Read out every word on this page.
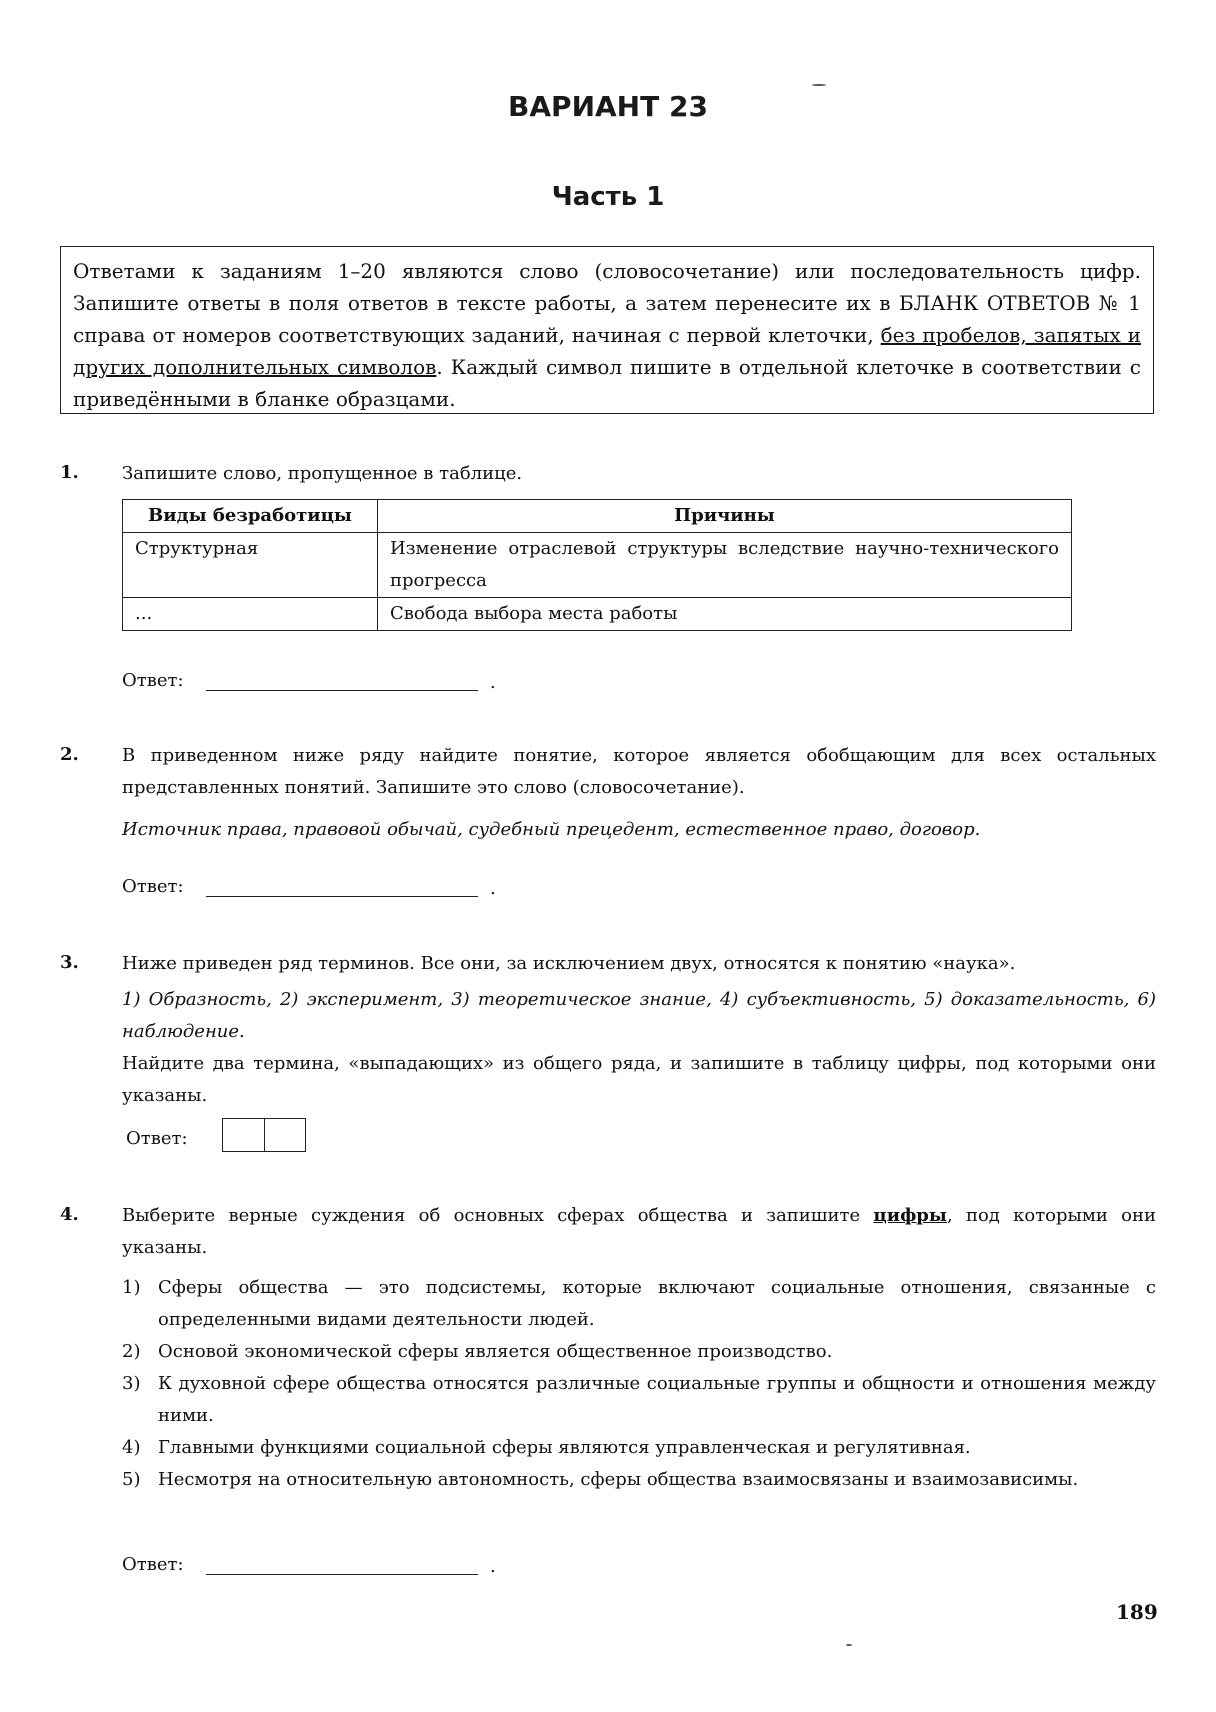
ВАРИАНТ 23
Часть 1
Ответами к заданиям 1–20 являются слово (словосочетание) или последовательность цифр. Запишите ответы в поля ответов в тексте работы, а затем перенесите их в БЛАНК ОТВЕТОВ № 1 справа от номеров соответствующих заданий, начиная с первой клеточки, без пробелов, запятых и других дополнительных символов. Каждый символ пишите в отдельной клеточке в соответствии с приведёнными в бланке образцами.
1. Запишите слово, пропущенное в таблице.
Виды безработицы	Причины
Структурная	Изменение отраслевой структуры вследствие научно-технического прогресса
...	Свобода выбора места работы
Ответ:	.
2. В приведенном ниже ряду найдите понятие, которое является обобщающим для всех остальных представленных понятий. Запишите это слово (словосочетание).
Источник права, правовой обычай, судебный прецедент, естественное право, договор.
Ответ:	.
3. Ниже приведен ряд терминов. Все они, за исключением двух, относятся к понятию «наука».
1) Образность, 2) эксперимент, 3) теоретическое знание, 4) субъективность, 5) доказательность, 6) наблюдение.
Найдите два термина, «выпадающих» из общего ряда, и запишите в таблицу цифры, под которыми они указаны.
Ответ:
4. Выберите верные суждения об основных сферах общества и запишите цифры, под которыми они указаны.
1) Сферы общества — это подсистемы, которые включают социальные отношения, связанные с определенными видами деятельности людей.
2) Основой экономической сферы является общественное производство.
3) К духовной сфере общества относятся различные социальные группы и общности и отношения между ними.
4) Главными функциями социальной сферы являются управленческая и регулятивная.
5) Несмотря на относительную автономность, сферы общества взаимосвязаны и взаимозависимы.
Ответ:	.
189
